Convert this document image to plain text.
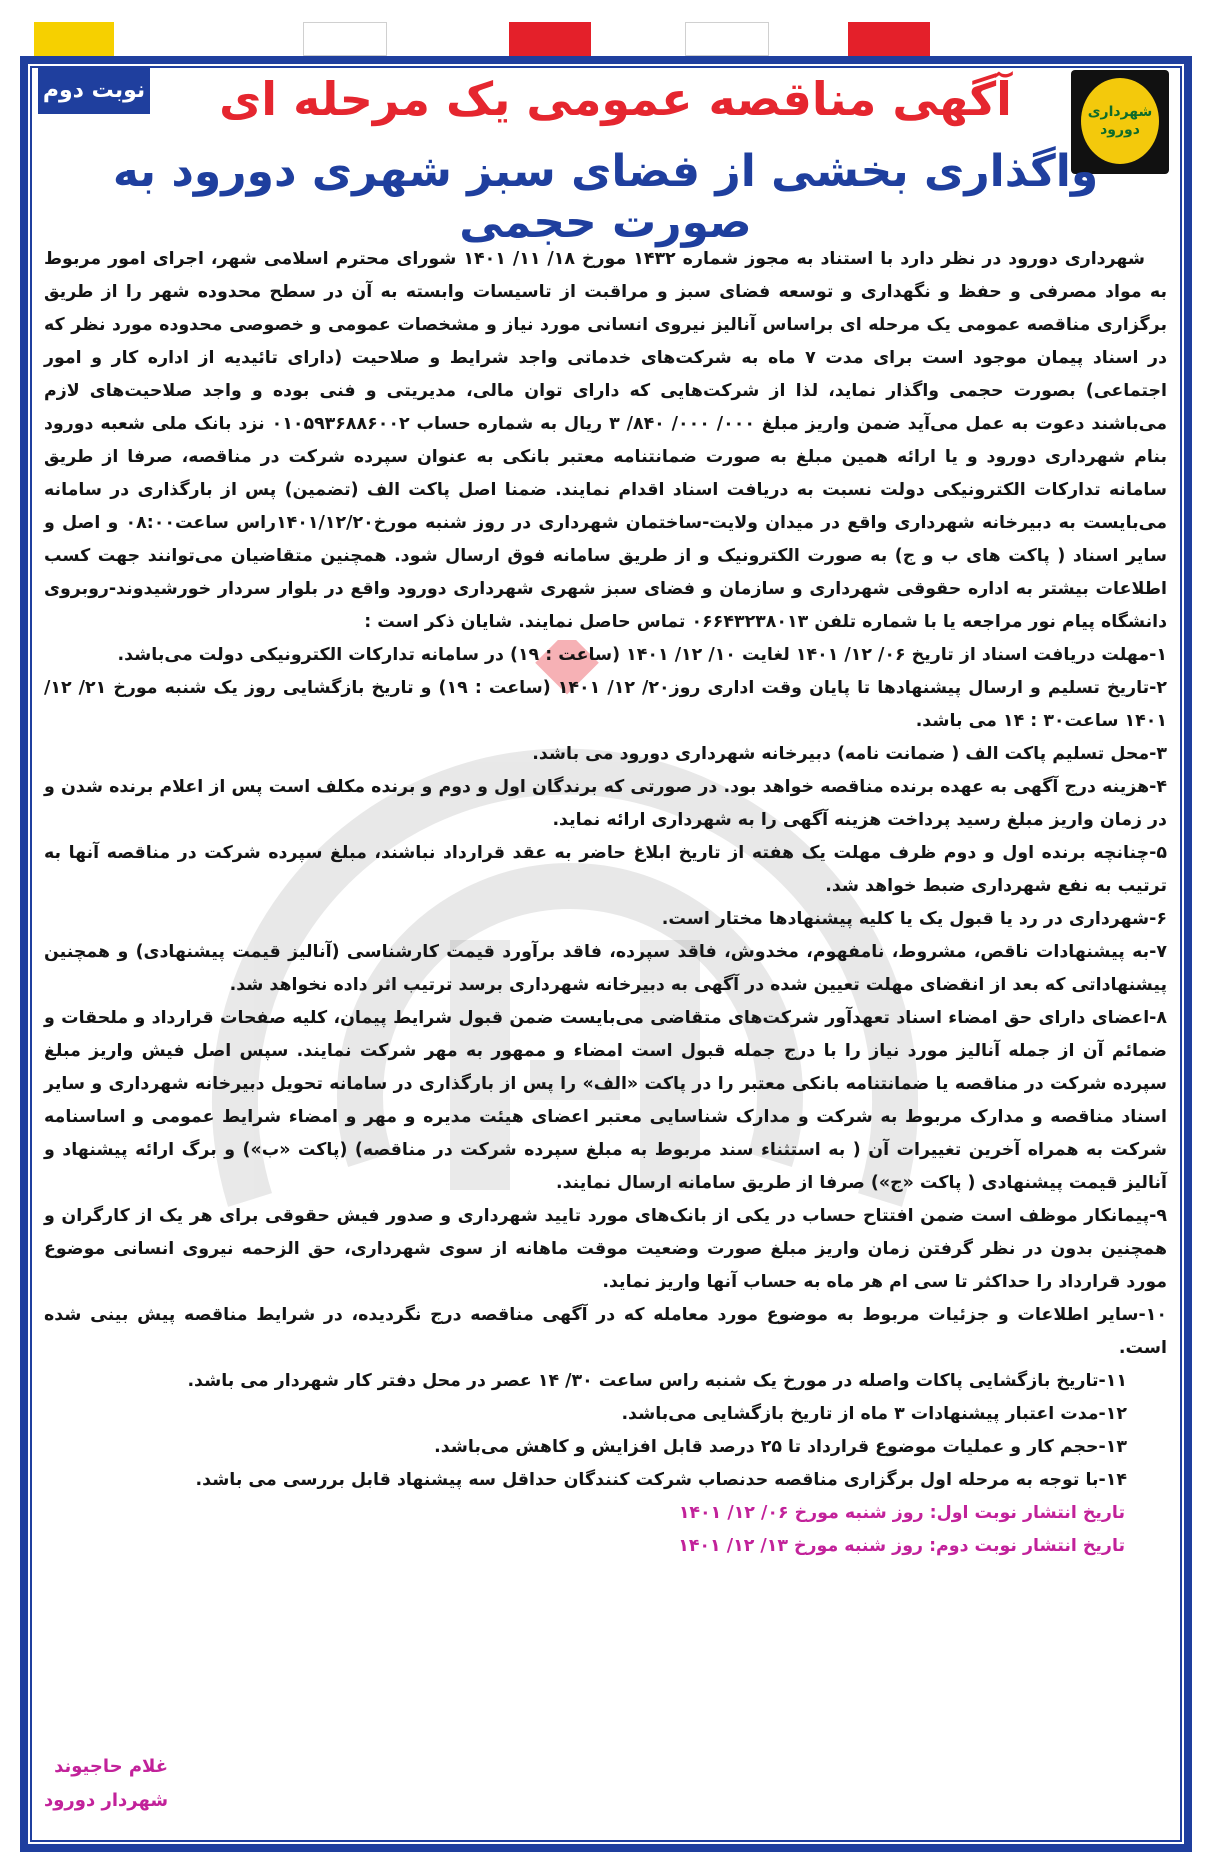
شهرداری
دورود
نوبت دوم	آگهی مناقصه عمومی یک مرحله ای
واگذاری بخشی از فضای سبز شهری دورود به صورت حجمی

شهرداری دورود در نظر دارد با استناد به مجوز شماره ۱۴۳۲ مورخ ۱۸/ ۱۱/ ۱۴۰۱ شورای محترم اسلامی شهر، اجرای امور مربوط به مواد مصرفی و حفظ و نگهداری و توسعه فضای سبز و مراقبت از تاسیسات وابسته به آن در سطح محدوده شهر را از طریق برگزاری مناقصه عمومی یک مرحله ای براساس آنالیز نیروی انسانی مورد نیاز و مشخصات عمومی و خصوصی محدوده مورد نظر که در اسناد پیمان موجود است برای مدت ۷ ماه به شرکت‌های خدماتی واجد شرایط و صلاحیت (دارای تائیدیه از اداره کار و امور اجتماعی) بصورت حجمی واگذار نماید، لذا از شرکت‌هایی که دارای توان مالی، مدیریتی و فنی بوده و واجد صلاحیت‌های لازم می‌باشند دعوت به عمل می‌آید ضمن واریز مبلغ ۰۰۰/ ۰۰۰/ ۸۴۰/ ۳ ریال به شماره حساب ۰۱۰۵۹۳۶۸۸۶۰۰۲ نزد بانک ملی شعبه دورود بنام شهرداری دورود و یا ارائه همین مبلغ به صورت ضمانتنامه معتبر بانکی به عنوان سپرده شرکت در مناقصه، صرفا از طریق سامانه تدارکات الکترونیکی دولت نسبت به دریافت اسناد اقدام نمایند. ضمنا اصل پاکت الف (تضمین) پس از بارگذاری در سامانه می‌بایست به دبیرخانه شهرداری واقع در میدان ولایت-ساختمان شهرداری در روز شنبه مورخ۱۴۰۱/۱۲/۲۰راس ساعت۰۸:۰۰ و اصل و سایر اسناد ( پاکت های ب و ج) به صورت الکترونیک و از طریق سامانه فوق ارسال شود. همچنین متقاضیان می‌توانند جهت کسب اطلاعات بیشتر به اداره حقوقی شهرداری و سازمان و فضای سبز شهری شهرداری دورود واقع در بلوار سردار خورشیدوند-روبروی دانشگاه پیام نور مراجعه یا با شماره تلفن ۰۶۶۴۳۲۳۸۰۱۳ تماس حاصل نمایند. شایان ذکر است :

۱-مهلت دریافت اسناد از تاریخ ۰۶/ ۱۲/ ۱۴۰۱ لغایت ۱۰/ ۱۲/ ۱۴۰۱ (ساعت : ۱۹) در سامانه تدارکات الکترونیکی دولت می‌باشد.

۲-تاریخ تسلیم و ارسال پیشنهادها تا پایان وقت اداری روز۲۰/ ۱۲/ ۱۴۰۱ (ساعت : ۱۹) و تاریخ بازگشایی روز یک شنبه مورخ ۲۱/ ۱۲/ ۱۴۰۱ ساعت۳۰ : ۱۴ می باشد.

۳-محل تسلیم پاکت الف ( ضمانت نامه) دبیرخانه شهرداری دورود می باشد.

۴-هزینه درج آگهی به عهده برنده مناقصه خواهد بود. در صورتی که برندگان اول و دوم و برنده مکلف است پس از اعلام برنده شدن و در زمان واریز مبلغ رسید پرداخت هزینه آگهی را به شهرداری ارائه نماید.

۵-چنانچه برنده اول و دوم ظرف مهلت یک هفته از تاریخ ابلاغ حاضر به عقد قرارداد نباشند، مبلغ سپرده شرکت در مناقصه آنها به ترتیب به نفع شهرداری ضبط خواهد شد.

۶-شهرداری در رد یا قبول یک یا کلیه پیشنهادها مختار است.

۷-به پیشنهادات ناقص، مشروط، نامفهوم، مخدوش، فاقد سپرده، فاقد برآورد قیمت کارشناسی (آنالیز قیمت پیشنهادی) و همچنین پیشنهاداتی که بعد از انقضای مهلت تعیین شده در آگهی به دبیرخانه شهرداری برسد ترتیب اثر داده نخواهد شد.

۸-اعضای دارای حق امضاء اسناد تعهدآور شرکت‌های متقاضی می‌بایست ضمن قبول شرایط پیمان، کلیه صفحات قرارداد و ملحقات و ضمائم آن از جمله آنالیز مورد نیاز را با درج جمله قبول است امضاء و ممهور به مهر شرکت نمایند. سپس اصل فیش واریز مبلغ سپرده شرکت در مناقصه یا ضمانتنامه بانکی معتبر را در پاکت «الف» را پس از بارگذاری در سامانه تحویل دبیرخانه شهرداری و سایر اسناد مناقصه و مدارک مربوط به شرکت و مدارک شناسایی معتبر اعضای هیئت مدیره و مهر و امضاء شرایط عمومی و اساسنامه شرکت به همراه آخرین تغییرات آن ( به استثناء سند مربوط به مبلغ سپرده شرکت در مناقصه) (پاکت «ب») و برگ ارائه پیشنهاد و آنالیز قیمت پیشنهادی ( پاکت «ج») صرفا از طریق سامانه ارسال نمایند.

۹-پیمانکار موظف است ضمن افتتاح حساب در یکی از بانک‌های مورد تایید شهرداری و صدور فیش حقوقی برای هر یک از کارگران و همچنین بدون در نظر گرفتن زمان واریز مبلغ صورت وضعیت موقت ماهانه از سوی شهرداری، حق الزحمه نیروی انسانی موضوع مورد قرارداد را حداکثر تا سی ام هر ماه به حساب آنها واریز نماید.

۱۰-سایر اطلاعات و جزئیات مربوط به موضوع مورد معامله که در آگهی مناقصه درج نگردیده، در شرایط مناقصه پیش بینی شده است.

۱۱-تاریخ بازگشایی پاکات واصله در مورخ یک شنبه راس ساعت ۳۰/ ۱۴ عصر در محل دفتر کار شهردار می باشد.

۱۲-مدت اعتبار پیشنهادات ۳ ماه از تاریخ بازگشایی می‌باشد.

۱۳-حجم کار و عملیات موضوع قرارداد تا ۲۵ درصد قابل افزایش و کاهش می‌باشد.

۱۴-با توجه به مرحله اول برگزاری مناقصه حدنصاب شرکت کنندگان حداقل سه پیشنهاد قابل بررسی می باشد.

تاریخ انتشار نوبت اول: روز شنبه مورخ ۰۶/ ۱۲/ ۱۴۰۱

تاریخ انتشار نوبت دوم: روز شنبه مورخ ۱۳/ ۱۲/ ۱۴۰۱

غلام حاجیوند
شهردار دورود
